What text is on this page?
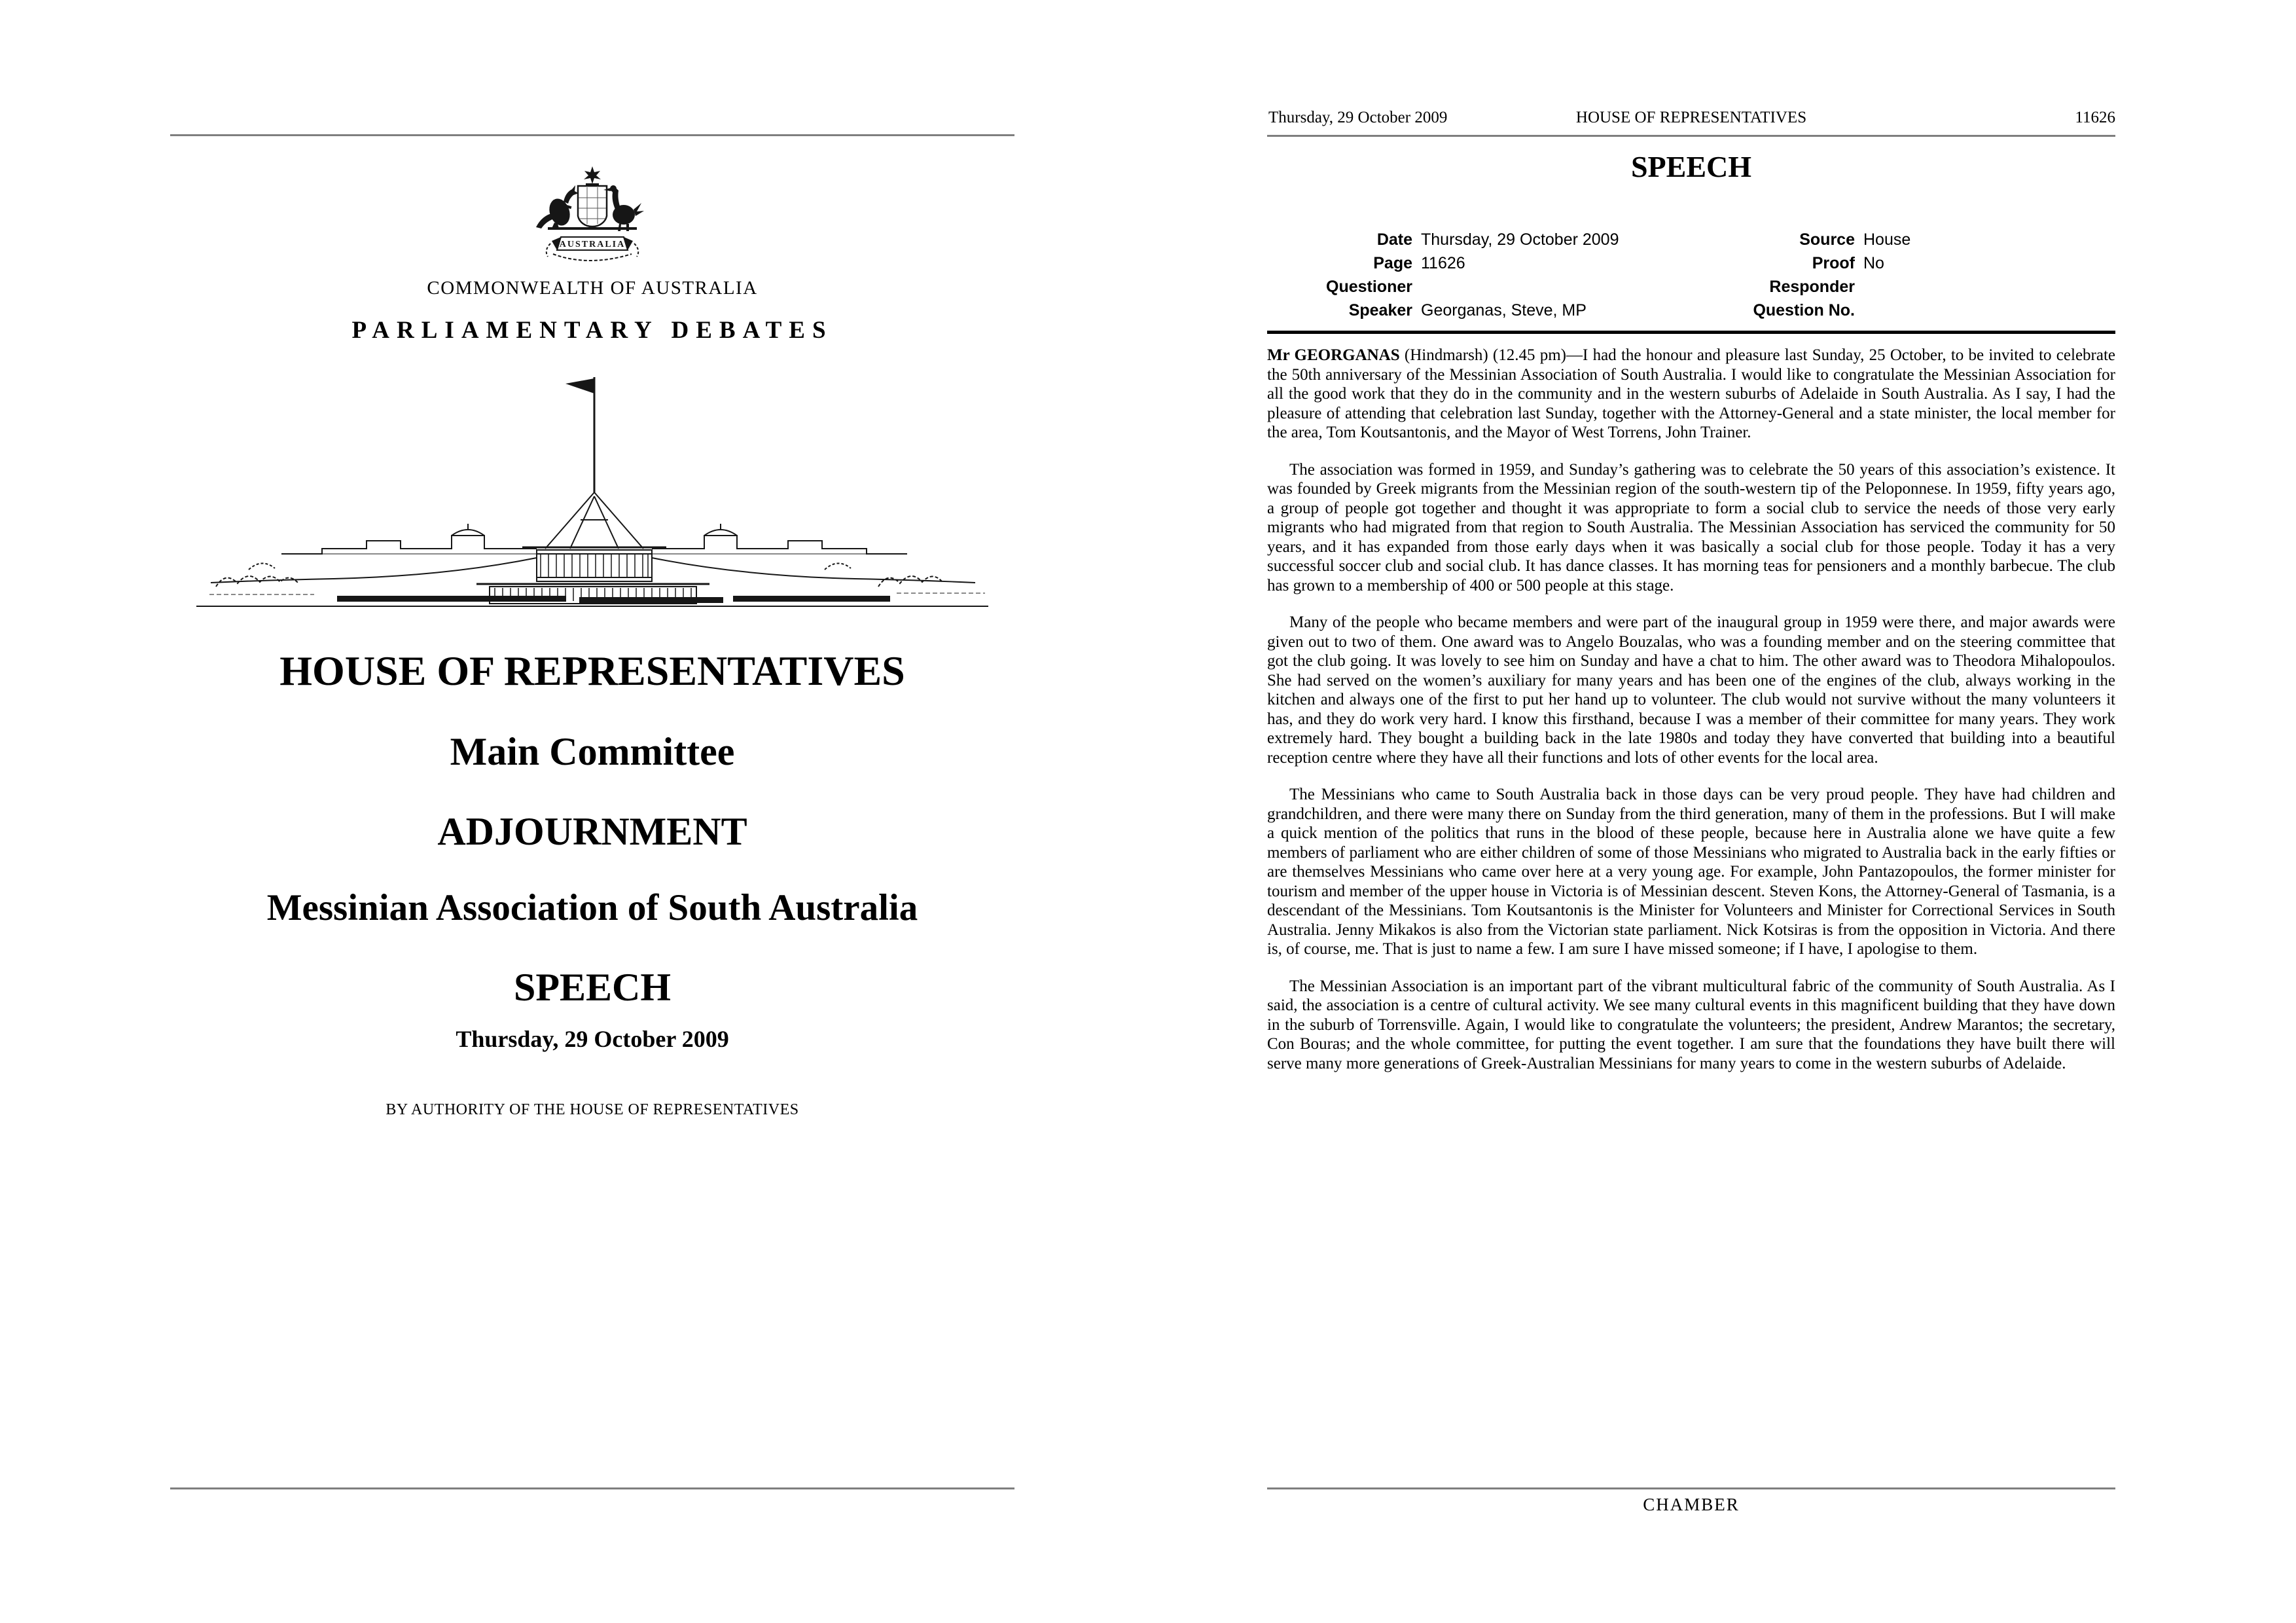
AUSTRALIA
COMMONWEALTH OF AUSTRALIA
PARLIAMENTARY DEBATES
HOUSE OF REPRESENTATIVES
Main Committee
ADJOURNMENT
Messinian Association of South Australia
SPEECH
Thursday, 29 October 2009
BY AUTHORITY OF THE HOUSE OF REPRESENTATIVES
Thursday, 29 October 2009	HOUSE OF REPRESENTATIVES	11626
SPEECH
Date Thursday, 29 October 2009	Source House
Page 11626	Proof No
Questioner	Responder
Speaker Georganas, Steve, MP	Question No.

Mr GEORGANAS (Hindmarsh) (12.45 pm)—I had the honour and pleasure last Sunday, 25 October, to be invited to celebrate the 50th anniversary of the Messinian Association of South Australia. I would like to congratulate the Messinian Association for all the good work that they do in the community and in the western suburbs of Adelaide in South Australia. As I say, I had the pleasure of attending that celebration last Sunday, together with the Attorney-General and a state minister, the local member for the area, Tom Koutsantonis, and the Mayor of West Torrens, John Trainer.

The association was formed in 1959, and Sunday’s gathering was to celebrate the 50 years of this association’s existence. It was founded by Greek migrants from the Messinian region of the south-western tip of the Peloponnese. In 1959, fifty years ago, a group of people got together and thought it was appropriate to form a social club to service the needs of those very early migrants who had migrated from that region to South Australia. The Messinian Association has serviced the community for 50 years, and it has expanded from those early days when it was basically a social club for those people. Today it has a very successful soccer club and social club. It has dance classes. It has morning teas for pensioners and a monthly barbecue. The club has grown to a membership of 400 or 500 people at this stage.

Many of the people who became members and were part of the inaugural group in 1959 were there, and major awards were given out to two of them. One award was to Angelo Bouzalas, who was a founding member and on the steering committee that got the club going. It was lovely to see him on Sunday and have a chat to him. The other award was to Theodora Mihalopoulos. She had served on the women’s auxiliary for many years and has been one of the engines of the club, always working in the kitchen and always one of the first to put her hand up to volunteer. The club would not survive without the many volunteers it has, and they do work very hard. I know this firsthand, because I was a member of their committee for many years. They work extremely hard. They bought a building back in the late 1980s and today they have converted that building into a beautiful reception centre where they have all their functions and lots of other events for the local area.

The Messinians who came to South Australia back in those days can be very proud people. They have had children and grandchildren, and there were many there on Sunday from the third generation, many of them in the professions. But I will make a quick mention of the politics that runs in the blood of these people, because here in Australia alone we have quite a few members of parliament who are either children of some of those Messinians who migrated to Australia back in the early fifties or are themselves Messinians who came over here at a very young age. For example, John Pantazopoulos, the former minister for tourism and member of the upper house in Victoria is of Messinian descent. Steven Kons, the Attorney-General of Tasmania, is a descendant of the Messinians. Tom Koutsantonis is the Minister for Volunteers and Minister for Correctional Services in South Australia. Jenny Mikakos is also from the Victorian state parliament. Nick Kotsiras is from the opposition in Victoria. And there is, of course, me. That is just to name a few. I am sure I have missed someone; if I have, I apologise to them.

The Messinian Association is an important part of the vibrant multicultural fabric of the community of South Australia. As I said, the association is a centre of cultural activity. We see many cultural events in this magnificent building that they have down in the suburb of Torrensville. Again, I would like to congratulate the volunteers; the president, Andrew Marantos; the secretary, Con Bouras; and the whole committee, for putting the event together. I am sure that the foundations they have built there will serve many more generations of Greek-Australian Messinians for many years to come in the western suburbs of Adelaide.

CHAMBER
